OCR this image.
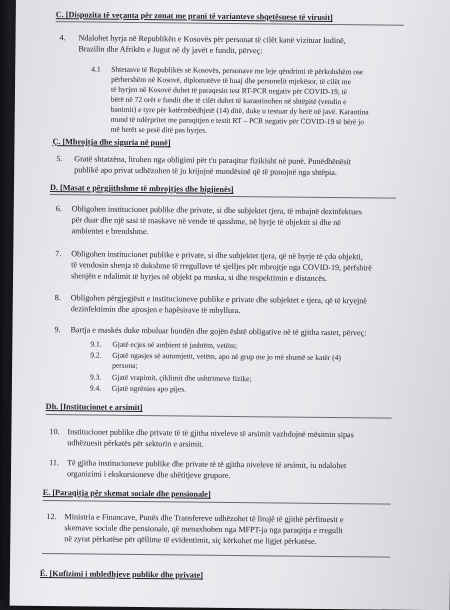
C. [Dispozita të veçanta për zonat me prani të varianteve shqetësuese të virusit]
4. Ndalohet hyrja në Republikën e Kosovës për personat të cilët kanë vizituar Indinë,
Brazilin dhe Afrikën e Jugut në dy javët e fundit, përveç:
4.1 Shtetasve të Republikës së Kosovës, personave me leje qëndrimi të përkohshëm ose
përhershëm në Kosovë, diplomatëve të huaj dhe personelit mjekësor, të cilët me
të hyrjen në Kosovë duhet të paraqesin test RT-PCR negativ për COVID-19, të
bërë në 72 orët e fundit dhe të cilët duhet të karantinohen në shtëpitë (vendin e
banimit) e tyre për katërmbëdhjetë (14) ditë, duke u testuar dy herë në javë. Karantina
mund të ndërpritet me paraqitjen e testit RT – PCR negativ për COVID-19 të bërë jo
më herët se pesë ditë pas hyrjes.
Ç. [Mbrojtja dhe siguria në punë]
5. Gratë shtatzëna, lirohen nga obligimi për t'u paraqitur fizikisht në punë. Punëdhënësit
publikë apo privat udhëzohen të ju krijojnë mundësinë që të punojnë nga shtëpia.
D. [Masat e përgjithshme të mbrojtjes dhe higjienës]
6. Obligohen institucionet publike dhe private, si dhe subjektet tjera, të mbajnë dezinfektues
për duar dhe një sasi të maskave në vende të qasshme, në hyrje të objektit si dhe në
ambientet e brendshme.
7. Obligohen institucionet publike e private, si dhe subjektet tjera, që në hyrje të çdo objekti,
të vendosin shenja të dukshme të rregullave të sjelljes për mbrojtje nga COVID-19, përfshirë
shenjën e ndalimit të hyrjes në objekt pa maska, si dhe respektimin e distancës.
8. Obligohen përgjegjësit e institucioneve publike e private dhe subjektet e tjera, që të kryejnë
dezinfektimin dhe ajrosjen e hapësirave të mbyllura.
9. Bartja e maskës duke mbuluar hundën dhe gojën është obligative në të gjitha rastet, përveç:
9.1. Gjatë ecjes në ambient të jashtëm, vetëm;
9.2. Gjatë ngasjes së automjetit, vetëm, apo në grup me jo më shumë se katër (4)
persona;
9.3. Gjatë vrapimit, çiklimit dhe ushtrimeve fizike;
9.4. Gjatë ngrënies apo pijes.
Dh. [Institucionet e arsimit]
10. Institucionet publike dhe private të të gjitha niveleve të arsimit vazhdojnë mësimin sipas
udhëzuesit përkatës për sektorin e arsimit.
11. Të gjitha institucioneve publike dhe private të të gjitha niveleve të arsimit, iu ndalohet
organizimi i ekskursioneve dhe shëtitjeve grupore.
E. [Paraqitja për skemat sociale dhe pensionale]
12. Ministria e Financave, Punës dhe Transfereve udhëzohet të lirojë të gjithë përfituesit e
skemave sociale dhe pensionale, që menaxhohen nga MFPT-ja nga paraqitja e rregullt
në zyrat përkatëse për qëllime të evidentimit, siç kërkohet me ligjet përkatëse.
Ë. [Kufizimi i mbledhjeve publike dhe private]
